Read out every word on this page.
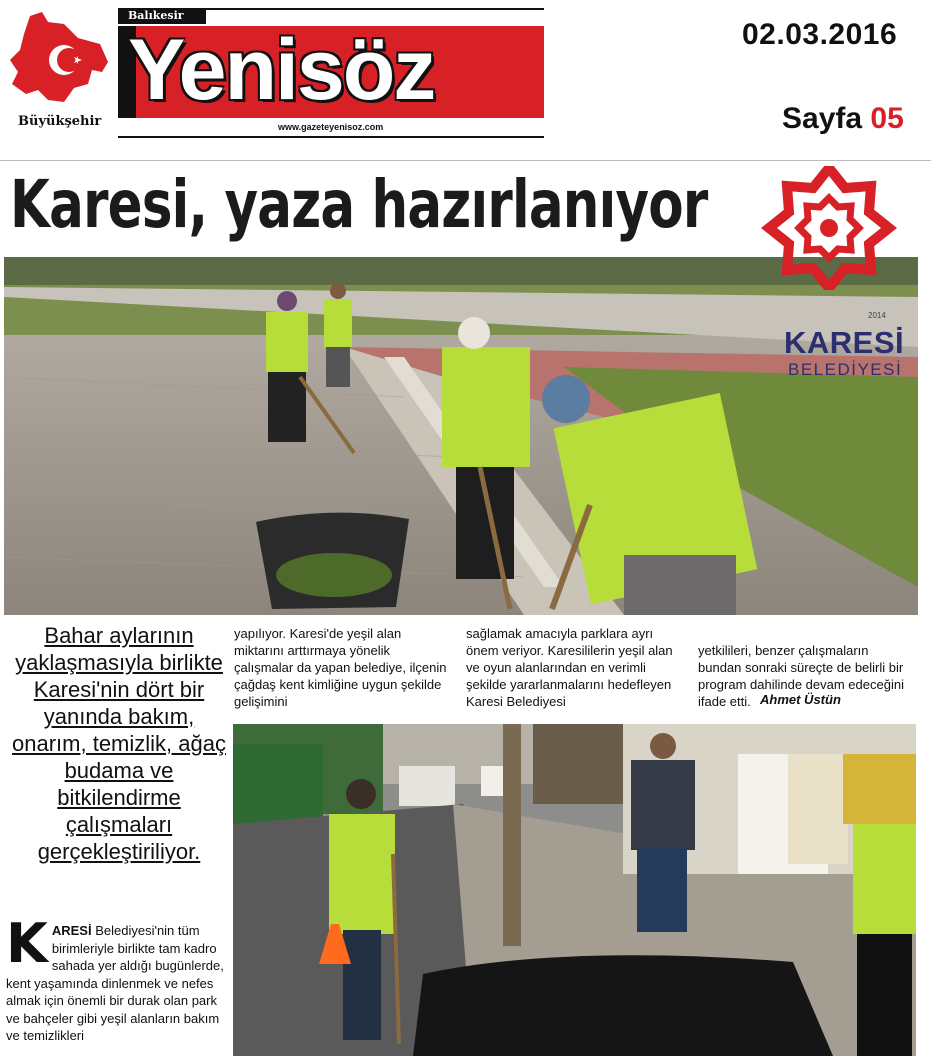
Büyükşehir
Balıkesir
Yenisöz
www.gazeteyenisoz.com
02.03.2016
Sayfa 05
Karesi, yaza hazırlanıyor
2014
KARESİ
BELEDİYESİ
Bahar aylarının yaklaşmasıyla birlikte Karesi'nin dört bir yanında bakım, onarım, temizlik, ağaç budama ve bitkilendirme çalışmaları gerçekleştiriliyor.
yapılıyor. Karesi'de yeşil alan miktarını arttırmaya yönelik çalışmalar da yapan belediye, ilçenin çağdaş kent kimliğine uygun şekilde gelişimini
sağlamak amacıyla parklara ayrı önem veriyor. Karesililerin yeşil alan ve oyun alanlarından en verimli şekilde yararlanmalarını hedefleyen Karesi Belediyesi
yetkilileri, benzer çalışmaların bundan sonraki süreçte de belirli bir program dahilinde devam edeceğini ifade etti. Ahmet Üstün
KARESİ Belediyesi'nin tüm birimleriyle birlikte tam kadro sahada yer aldığı bugünlerde, kent yaşamında dinlenmek ve nefes almak için önemli bir durak olan park ve bahçeler gibi yeşil alanların bakım ve temizlikleri
